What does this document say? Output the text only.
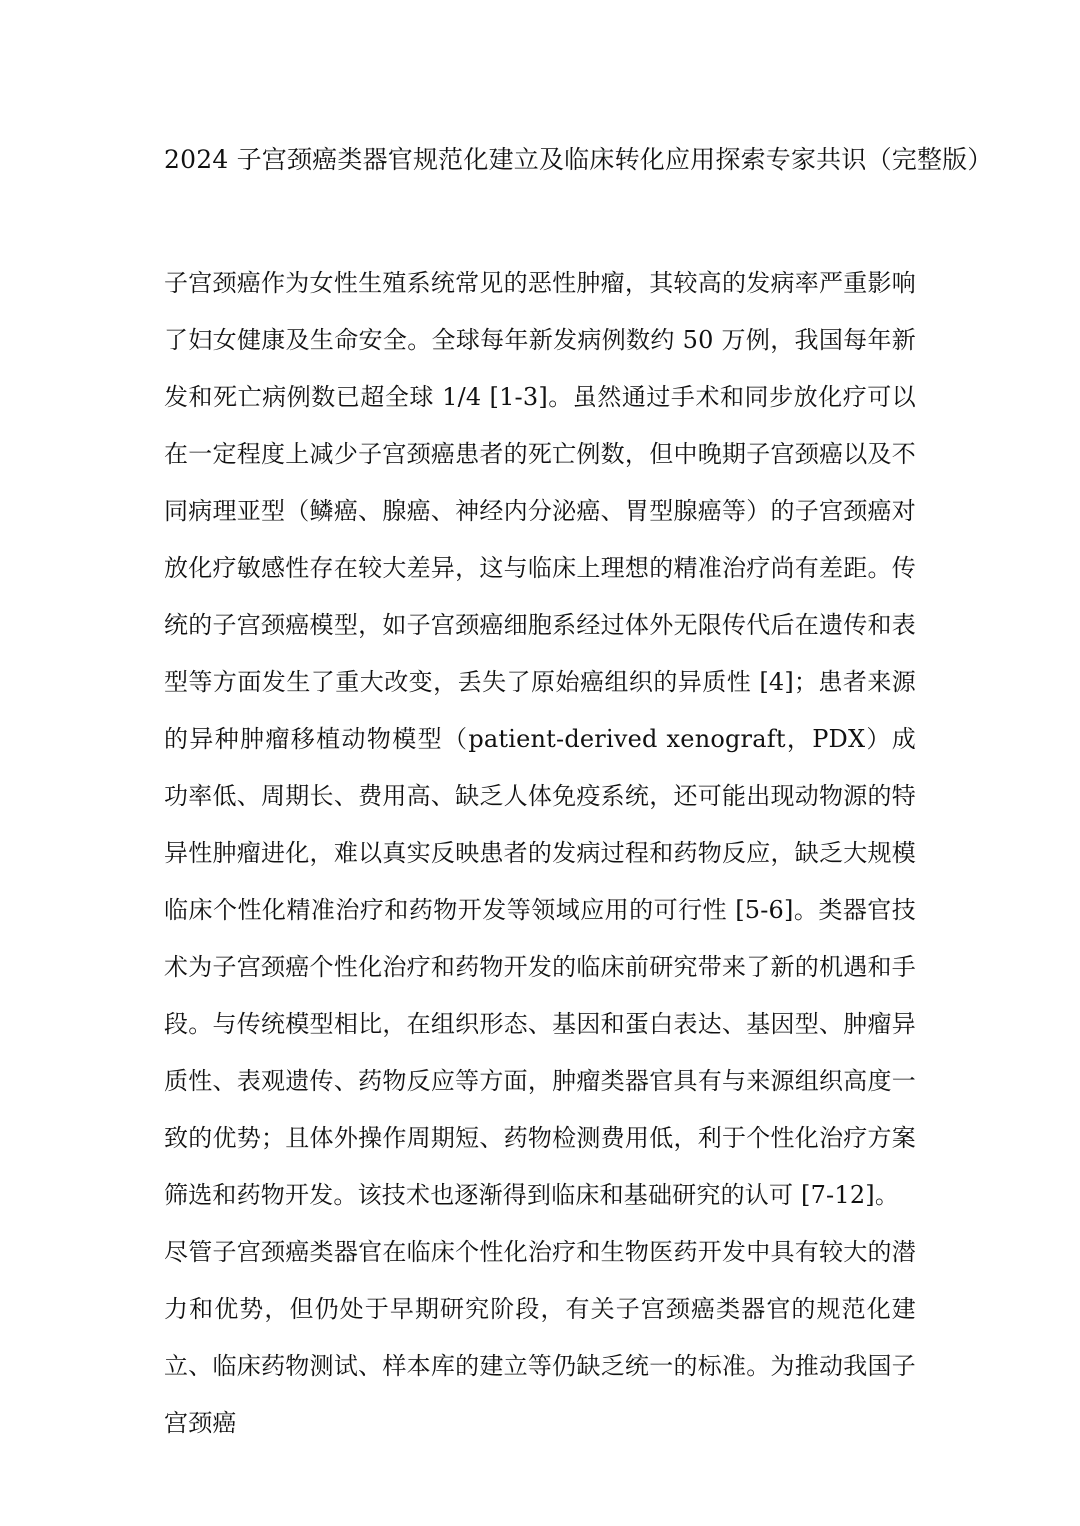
2024 子宫颈癌类器官规范化建立及临床转化应用探索专家共识（完整版）

子宫颈癌作为女性生殖系统常见的恶性肿瘤，其较高的发病率严重影响了妇女健康及生命安全。全球每年新发病例数约 50 万例，我国每年新发和死亡病例数已超全球 1/4 [1-3]。虽然通过手术和同步放化疗可以在一定程度上减少子宫颈癌患者的死亡例数，但中晚期子宫颈癌以及不同病理亚型（鳞癌、腺癌、神经内分泌癌、胃型腺癌等）的子宫颈癌对放化疗敏感性存在较大差异，这与临床上理想的精准治疗尚有差距。传统的子宫颈癌模型，如子宫颈癌细胞系经过体外无限传代后在遗传和表型等方面发生了重大改变，丢失了原始癌组织的异质性 [4]；患者来源的异种肿瘤移植动物模型（patient-derived xenograft，PDX）成功率低、周期长、费用高、缺乏人体免疫系统，还可能出现动物源的特异性肿瘤进化，难以真实反映患者的发病过程和药物反应，缺乏大规模临床个性化精准治疗和药物开发等领域应用的可行性 [5-6]。类器官技术为子宫颈癌个性化治疗和药物开发的临床前研究带来了新的机遇和手段。与传统模型相比，在组织形态、基因和蛋白表达、基因型、肿瘤异质性、表观遗传、药物反应等方面，肿瘤类器官具有与来源组织高度一致的优势；且体外操作周期短、药物检测费用低，利于个性化治疗方案筛选和药物开发。该技术也逐渐得到临床和基础研究的认可 [7-12]。

尽管子宫颈癌类器官在临床个性化治疗和生物医药开发中具有较大的潜力和优势，但仍处于早期研究阶段，有关子宫颈癌类器官的规范化建立、临床药物测试、样本库的建立等仍缺乏统一的标准。为推动我国子宫颈癌
